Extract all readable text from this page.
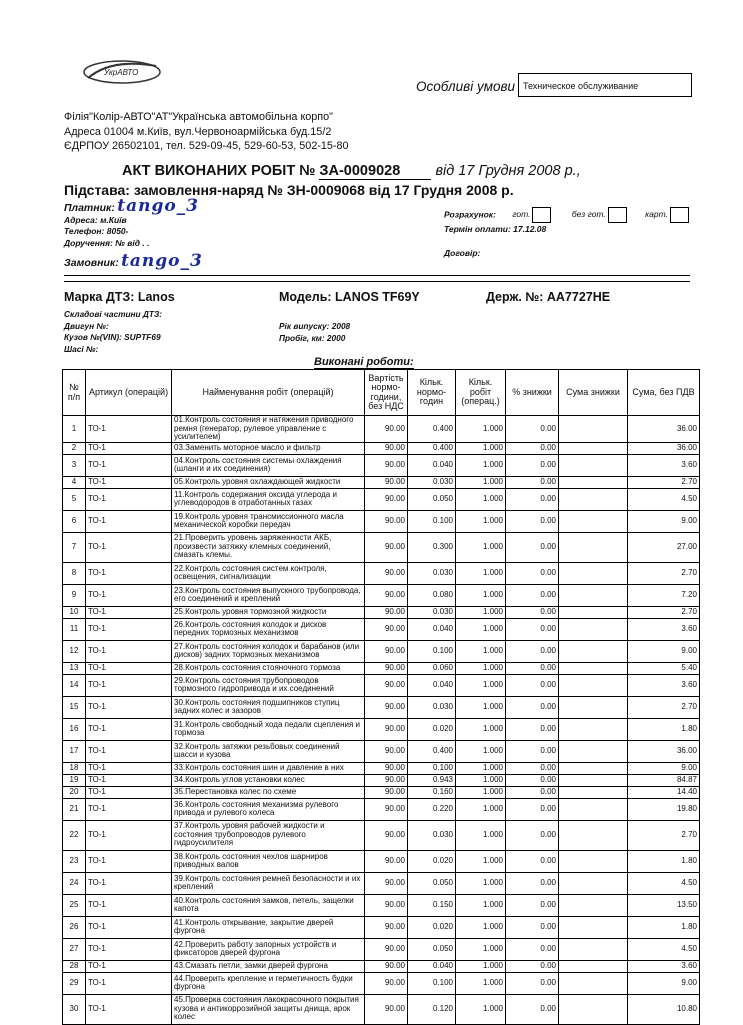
УкрАВТО
Особливі умови Техническое обслуживание
Філія"Колір-АВТО"АТ"Українська автомобільна корпо"
Адреса 01004 м.Київ, вул.Червоноармійська буд.15/2
ЄДРПОУ 26502101, тел. 529-09-45, 529-60-53, 502-15-80
АКТ ВИКОНАНИХ РОБІТ № ЗА-0009028 від 17 Грудня 2008 р.,
Підстава: замовлення-наряд № ЗН-0009068 від 17 Грудня 2008 р.
Платник: tango_3
Адреса: м.Київ
Телефон: 8050-
Доручення: № від . .
Замовник: tango_3
Розрахунок: гот.	без гот.	карт.
Термін оплати: 17.12.08
Договір:
Марка ДТЗ: Lanos	Модель: LANOS TF69Y	Держ. №: АА7727НЕ
Складові частини ДТЗ:
Двигун №:
Кузов №(VIN): SUPTF69
Шасі №:
Рік випуску: 2008
Пробіг, км: 2000
Виконані роботи:
№ п/п	Артикул (операцій)	Найменування робіт (операцій)	Вартість нормо-години, без НДС	Кільк. нормо-годин	Кільк. робіт (операц.)	% знижки	Сума знижки	Сума, без ПДВ
1	ТО-1	01.Контроль состояния и натяжения приводного ремня (генератор, рулевое управление с усилителем)	90.00	0.400	1.000	0.00		36.00
2	ТО-1	03.Заменить моторное масло и фильтр	90.00	0.400	1.000	0.00		36.00
3	ТО-1	04.Контроль состояния системы охлаждения (шланги и их соединения)	90.00	0.040	1.000	0.00		3.60
4	ТО-1	05.Контроль уровня охлаждающей жидкости	90.00	0.030	1.000	0.00		2.70
5	ТО-1	11.Контроль содержания оксида углерода и углеводородов в отработанных газах	90.00	0.050	1.000	0.00		4.50
6	ТО-1	19.Контроль уровня трансмиссионного масла механической коробки передач	90.00	0.100	1.000	0.00		9.00
7	ТО-1	21.Проверить уровень заряженности АКБ, произвести затяжку клемных соединений, смазать клемы.	90.00	0.300	1.000	0.00		27.00
8	ТО-1	22.Контроль состояния систем контроля, освещения, сигнализации	90.00	0.030	1.000	0.00		2.70
9	ТО-1	23.Контроль состояния выпускного трубопровода, его соединений и креплений	90.00	0.080	1.000	0.00		7.20
10	ТО-1	25.Контроль уровня тормозной жидкости	90.00	0.030	1.000	0.00		2.70
11	ТО-1	26.Контроль состояния колодок и дисков передних тормозных механизмов	90.00	0.040	1.000	0.00		3.60
12	ТО-1	27.Контроль состояния колодок и барабанов (или дисков) задних тормозных механизмов	90.00	0.100	1.000	0.00		9.00
13	ТО-1	28.Контроль состояния стояночного тормоза	90.00	0.060	1.000	0.00		5.40
14	ТО-1	29.Контроль состояния трубопроводов тормозного гидропривода и их соединений	90.00	0.040	1.000	0.00		3.60
15	ТО-1	30.Контроль состояния подшипников ступиц задних колес и зазоров	90.00	0.030	1.000	0.00		2.70
16	ТО-1	31.Контроль свободный хода педали сцепления и тормоза	90.00	0.020	1.000	0.00		1.80
17	ТО-1	32.Контроль затяжки резьбовых соединений шасси и кузова	90.00	0.400	1.000	0.00		36.00
18	ТО-1	33.Контроль состояния шин и давление в них	90.00	0.100	1.000	0.00		9.00
19	ТО-1	34.Контроль углов установки колес	90.00	0.943	1.000	0.00		84.87
20	ТО-1	35.Перестановка колес по схеме	90.00	0.160	1.000	0.00		14.40
21	ТО-1	36.Контроль состояния механизма рулевого привода и рулевого колеса	90.00	0.220	1.000	0.00		19.80
22	ТО-1	37.Контроль уровня рабочей жидкости и состояния трубопроводов рулевого гидроусилителя	90.00	0.030	1.000	0.00		2.70
23	ТО-1	38.Контроль состояния чехлов шарниров приводных валов	90.00	0.020	1.000	0.00		1.80
24	ТО-1	39.Контроль состояния ремней безопасности и их креплений	90.00	0.050	1.000	0.00		4.50
25	ТО-1	40.Контроль состояния замков, петель, защелки капота	90.00	0.150	1.000	0.00		13.50
26	ТО-1	41.Контроль открывание, закрытие дверей фургона	90.00	0.020	1.000	0.00		1.80
27	ТО-1	42.Проверить работу запорных устройств и фиксаторов дверей фургона	90.00	0.050	1.000	0.00		4.50
28	ТО-1	43.Смазать петли, замки дверей фургона	90.00	0.040	1.000	0.00		3.60
29	ТО-1	44.Проверить крепление и герметичность будки фургона	90.00	0.100	1.000	0.00		9.00
30	ТО-1	45.Проверка состояния лакокрасочного покрытия кузова и антикоррозийной защиты днища, арок колес	90.00	0.120	1.000	0.00		10.80
